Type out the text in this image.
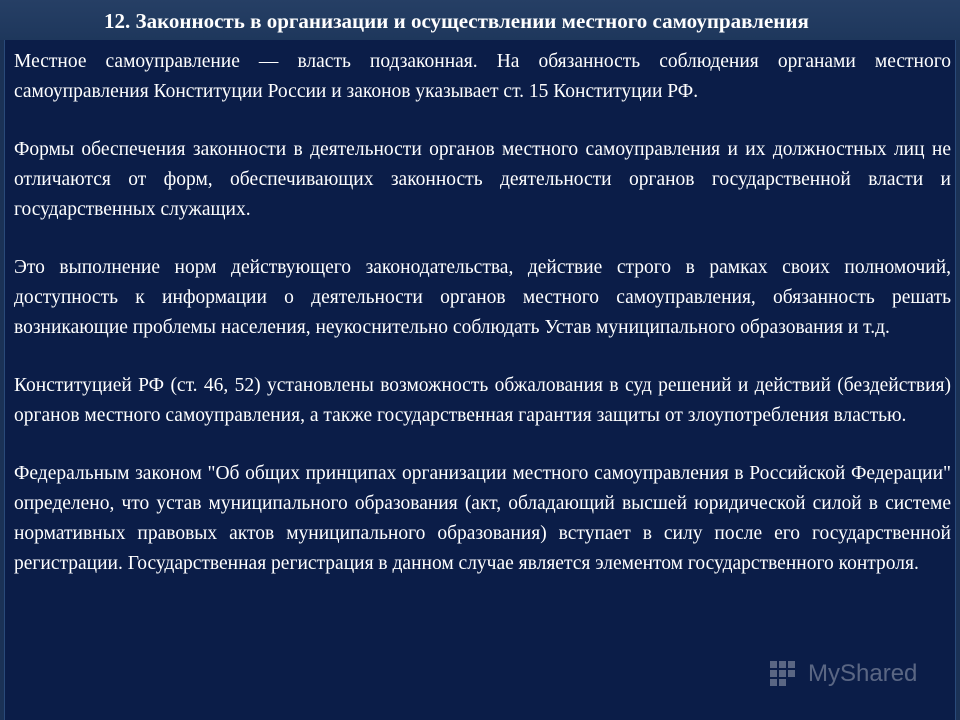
12. Законность в организации и осуществлении местного самоуправления

Местное самоуправление — власть подзаконная. На обязанность соблюдения органами местного самоуправления Конституции России и законов указывает ст. 15 Конституции РФ.

Формы обеспечения законности в деятельности органов местного самоуправления и их должностных лиц не отличаются от форм, обеспечивающих законность деятельности органов государственной власти и государственных служащих.

Это выполнение норм действующего законодательства, действие строго в рамках своих полномочий, доступность к информации о деятельности органов местного самоуправления, обязанность решать возникающие проблемы населения, неукоснительно соблюдать Устав муниципального образования и т.д.

Конституцией РФ (ст. 46, 52) установлены возможность обжалования в суд решений и действий (бездействия) органов местного самоуправления, а также государственная гарантия защиты от злоупотребления властью.

Федеральным законом "Об общих принципах организации местного самоуправления в Российской Федерации" определено, что устав муниципального образования (акт, обладающий высшей юридической силой в системе нормативных правовых актов муниципального образования) вступает в силу после его государственной регистрации. Государственная регистрация в данном случае является элементом государственного контроля.

MyShared
